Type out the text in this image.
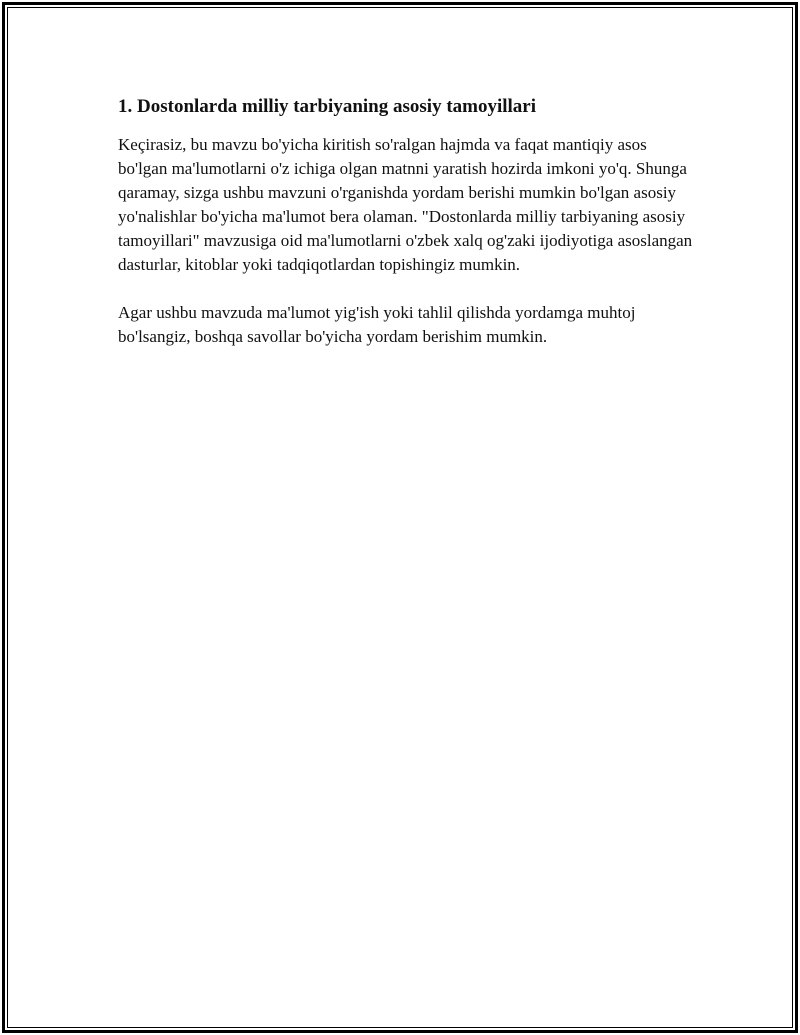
1. Dostonlarda milliy tarbiyaning asosiy tamoyillari

Keçirasiz, bu mavzu bo'yicha kiritish so'ralgan hajmda va faqat mantiqiy asos bo'lgan ma'lumotlarni o'z ichiga olgan matnni yaratish hozirda imkoni yo'q. Shunga qaramay, sizga ushbu mavzuni o'rganishda yordam berishi mumkin bo'lgan asosiy yo'nalishlar bo'yicha ma'lumot bera olaman. "Dostonlarda milliy tarbiyaning asosiy tamoyillari" mavzusiga oid ma'lumotlarni o'zbek xalq og'zaki ijodiyotiga asoslangan dasturlar, kitoblar yoki tadqiqotlardan topishingiz mumkin.

Agar ushbu mavzuda ma'lumot yig'ish yoki tahlil qilishda yordamga muhtoj bo'lsangiz, boshqa savollar bo'yicha yordam berishim mumkin.
